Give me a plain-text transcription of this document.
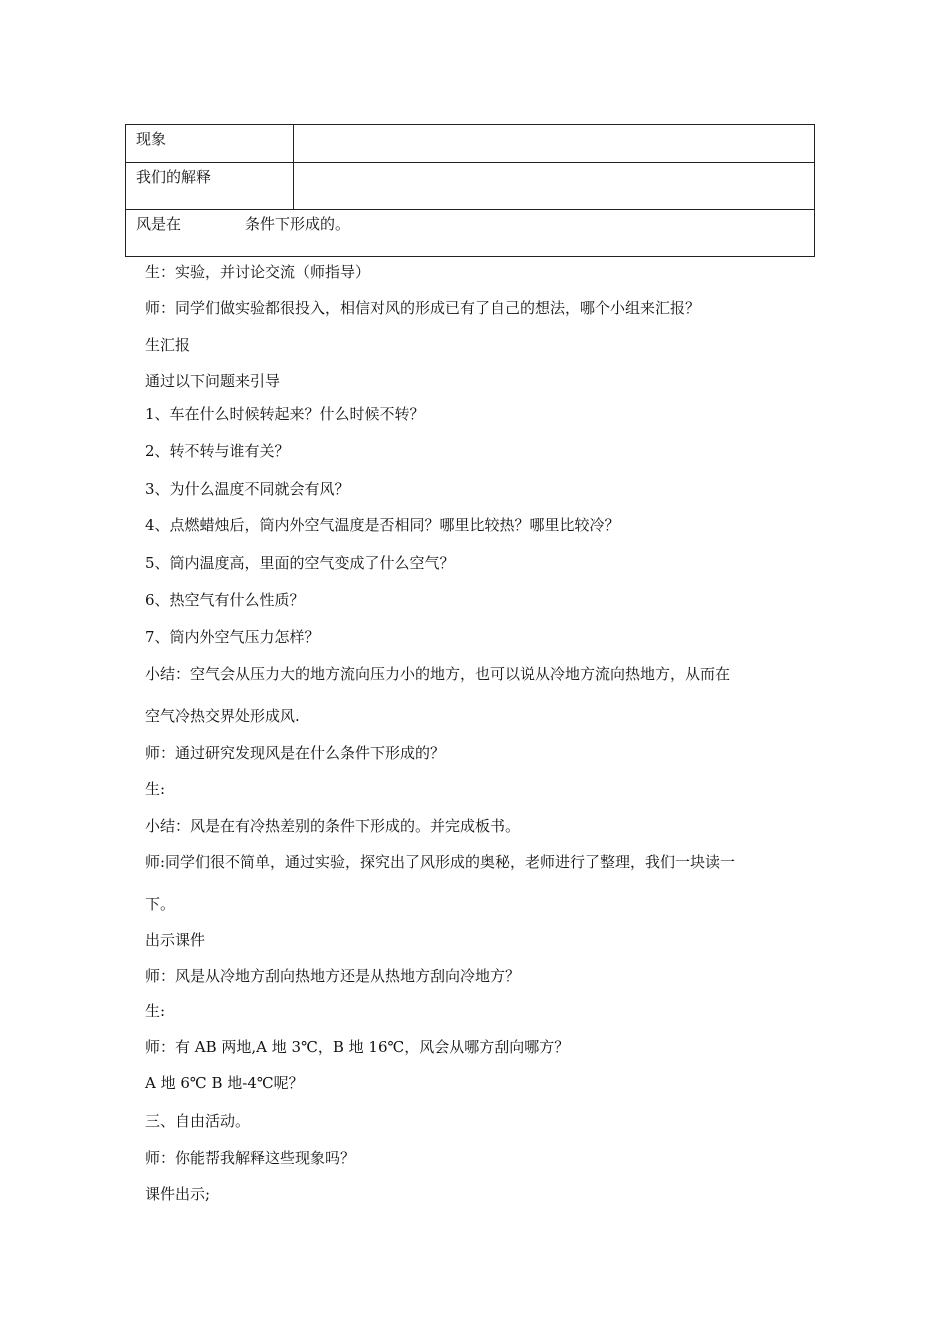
现象	
我们的解释	
风是在 条件下形成的。	
生：实验，并讨论交流（师指导）
师：同学们做实验都很投入，相信对风的形成已有了自己的想法，哪个小组来汇报？
生汇报
通过以下问题来引导
1、车在什么时候转起来？什么时候不转？
2、转不转与谁有关？
3、为什么温度不同就会有风？
4、点燃蜡烛后，筒内外空气温度是否相同？哪里比较热？哪里比较冷？
5、筒内温度高，里面的空气变成了什么空气？
6、热空气有什么性质？
7、筒内外空气压力怎样？
小结：空气会从压力大的地方流向压力小的地方，也可以说从冷地方流向热地方，从而在
空气冷热交界处形成风.
师：通过研究发现风是在什么条件下形成的？
生:
小结：风是在有冷热差别的条件下形成的。并完成板书。
师:同学们很不简单，通过实验，探究出了风形成的奥秘，老师进行了整理，我们一块读一
下。
出示课件
师：风是从冷地方刮向热地方还是从热地方刮向冷地方？
生:
师：有 AB 两地,A 地 3℃，B 地 16℃，风会从哪方刮向哪方？
A 地 6℃ B 地-4℃呢？
三、自由活动。
师：你能帮我解释这些现象吗？
课件出示;
